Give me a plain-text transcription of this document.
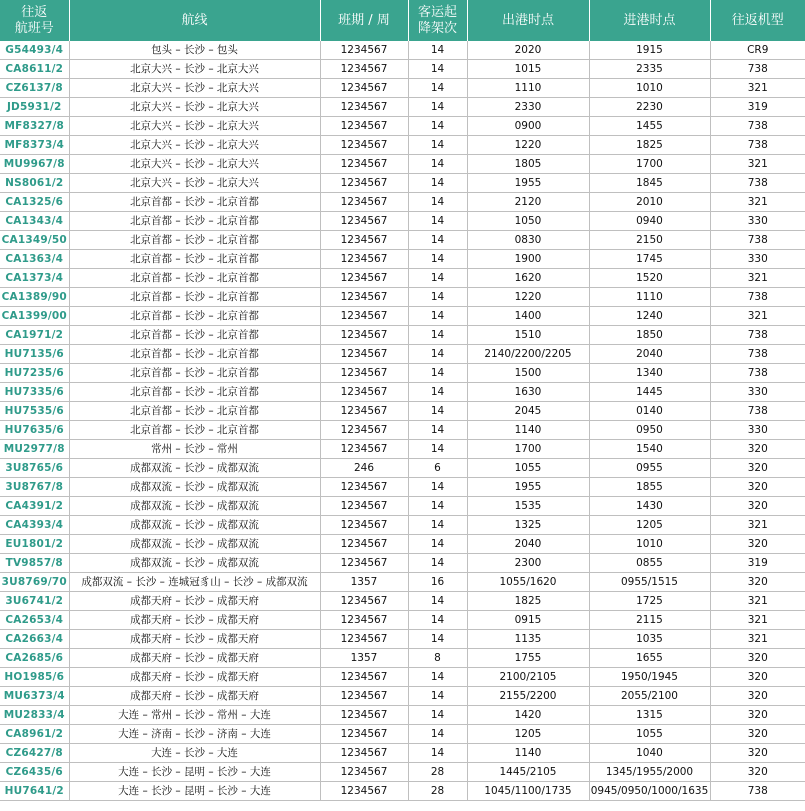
往返
航班号	航线	班期 / 周	客运起
降架次	出港时点	进港时点	往返机型
G54493/4	包头 – 长沙 – 包头	1234567	14	2020	1915	CR9
CA8611/2	北京大兴 – 长沙 – 北京大兴	1234567	14	1015	2335	738
CZ6137/8	北京大兴 – 长沙 – 北京大兴	1234567	14	1110	1010	321
JD5931/2	北京大兴 – 长沙 – 北京大兴	1234567	14	2330	2230	319
MF8327/8	北京大兴 – 长沙 – 北京大兴	1234567	14	0900	1455	738
MF8373/4	北京大兴 – 长沙 – 北京大兴	1234567	14	1220	1825	738
MU9967/8	北京大兴 – 长沙 – 北京大兴	1234567	14	1805	1700	321
NS8061/2	北京大兴 – 长沙 – 北京大兴	1234567	14	1955	1845	738
CA1325/6	北京首都 – 长沙 – 北京首都	1234567	14	2120	2010	321
CA1343/4	北京首都 – 长沙 – 北京首都	1234567	14	1050	0940	330
CA1349/50	北京首都 – 长沙 – 北京首都	1234567	14	0830	2150	738
CA1363/4	北京首都 – 长沙 – 北京首都	1234567	14	1900	1745	330
CA1373/4	北京首都 – 长沙 – 北京首都	1234567	14	1620	1520	321
CA1389/90	北京首都 – 长沙 – 北京首都	1234567	14	1220	1110	738
CA1399/00	北京首都 – 长沙 – 北京首都	1234567	14	1400	1240	321
CA1971/2	北京首都 – 长沙 – 北京首都	1234567	14	1510	1850	738
HU7135/6	北京首都 – 长沙 – 北京首都	1234567	14	2140/2200/2205	2040	738
HU7235/6	北京首都 – 长沙 – 北京首都	1234567	14	1500	1340	738
HU7335/6	北京首都 – 长沙 – 北京首都	1234567	14	1630	1445	330
HU7535/6	北京首都 – 长沙 – 北京首都	1234567	14	2045	0140	738
HU7635/6	北京首都 – 长沙 – 北京首都	1234567	14	1140	0950	330
MU2977/8	常州 – 长沙 – 常州	1234567	14	1700	1540	320
3U8765/6	成都双流 – 长沙 – 成都双流	246	6	1055	0955	320
3U8767/8	成都双流 – 长沙 – 成都双流	1234567	14	1955	1855	320
CA4391/2	成都双流 – 长沙 – 成都双流	1234567	14	1535	1430	320
CA4393/4	成都双流 – 长沙 – 成都双流	1234567	14	1325	1205	321
EU1801/2	成都双流 – 长沙 – 成都双流	1234567	14	2040	1010	320
TV9857/8	成都双流 – 长沙 – 成都双流	1234567	14	2300	0855	319
3U8769/70	成都双流 – 长沙 – 连城冠豸山 – 长沙 – 成都双流	1357	16	1055/1620	0955/1515	320
3U6741/2	成都天府 – 长沙 – 成都天府	1234567	14	1825	1725	321
CA2653/4	成都天府 – 长沙 – 成都天府	1234567	14	0915	2115	321
CA2663/4	成都天府 – 长沙 – 成都天府	1234567	14	1135	1035	321
CA2685/6	成都天府 – 长沙 – 成都天府	1357	8	1755	1655	320
HO1985/6	成都天府 – 长沙 – 成都天府	1234567	14	2100/2105	1950/1945	320
MU6373/4	成都天府 – 长沙 – 成都天府	1234567	14	2155/2200	2055/2100	320
MU2833/4	大连 – 常州 – 长沙 – 常州 – 大连	1234567	14	1420	1315	320
CA8961/2	大连 – 济南 – 长沙 – 济南 – 大连	1234567	14	1205	1055	320
CZ6427/8	大连 – 长沙 – 大连	1234567	14	1140	1040	320
CZ6435/6	大连 – 长沙 – 昆明 – 长沙 – 大连	1234567	28	1445/2105	1345/1955/2000	320
HU7641/2	大连 – 长沙 – 昆明 – 长沙 – 大连	1234567	28	1045/1100/1735	0945/0950/1000/1635	738
